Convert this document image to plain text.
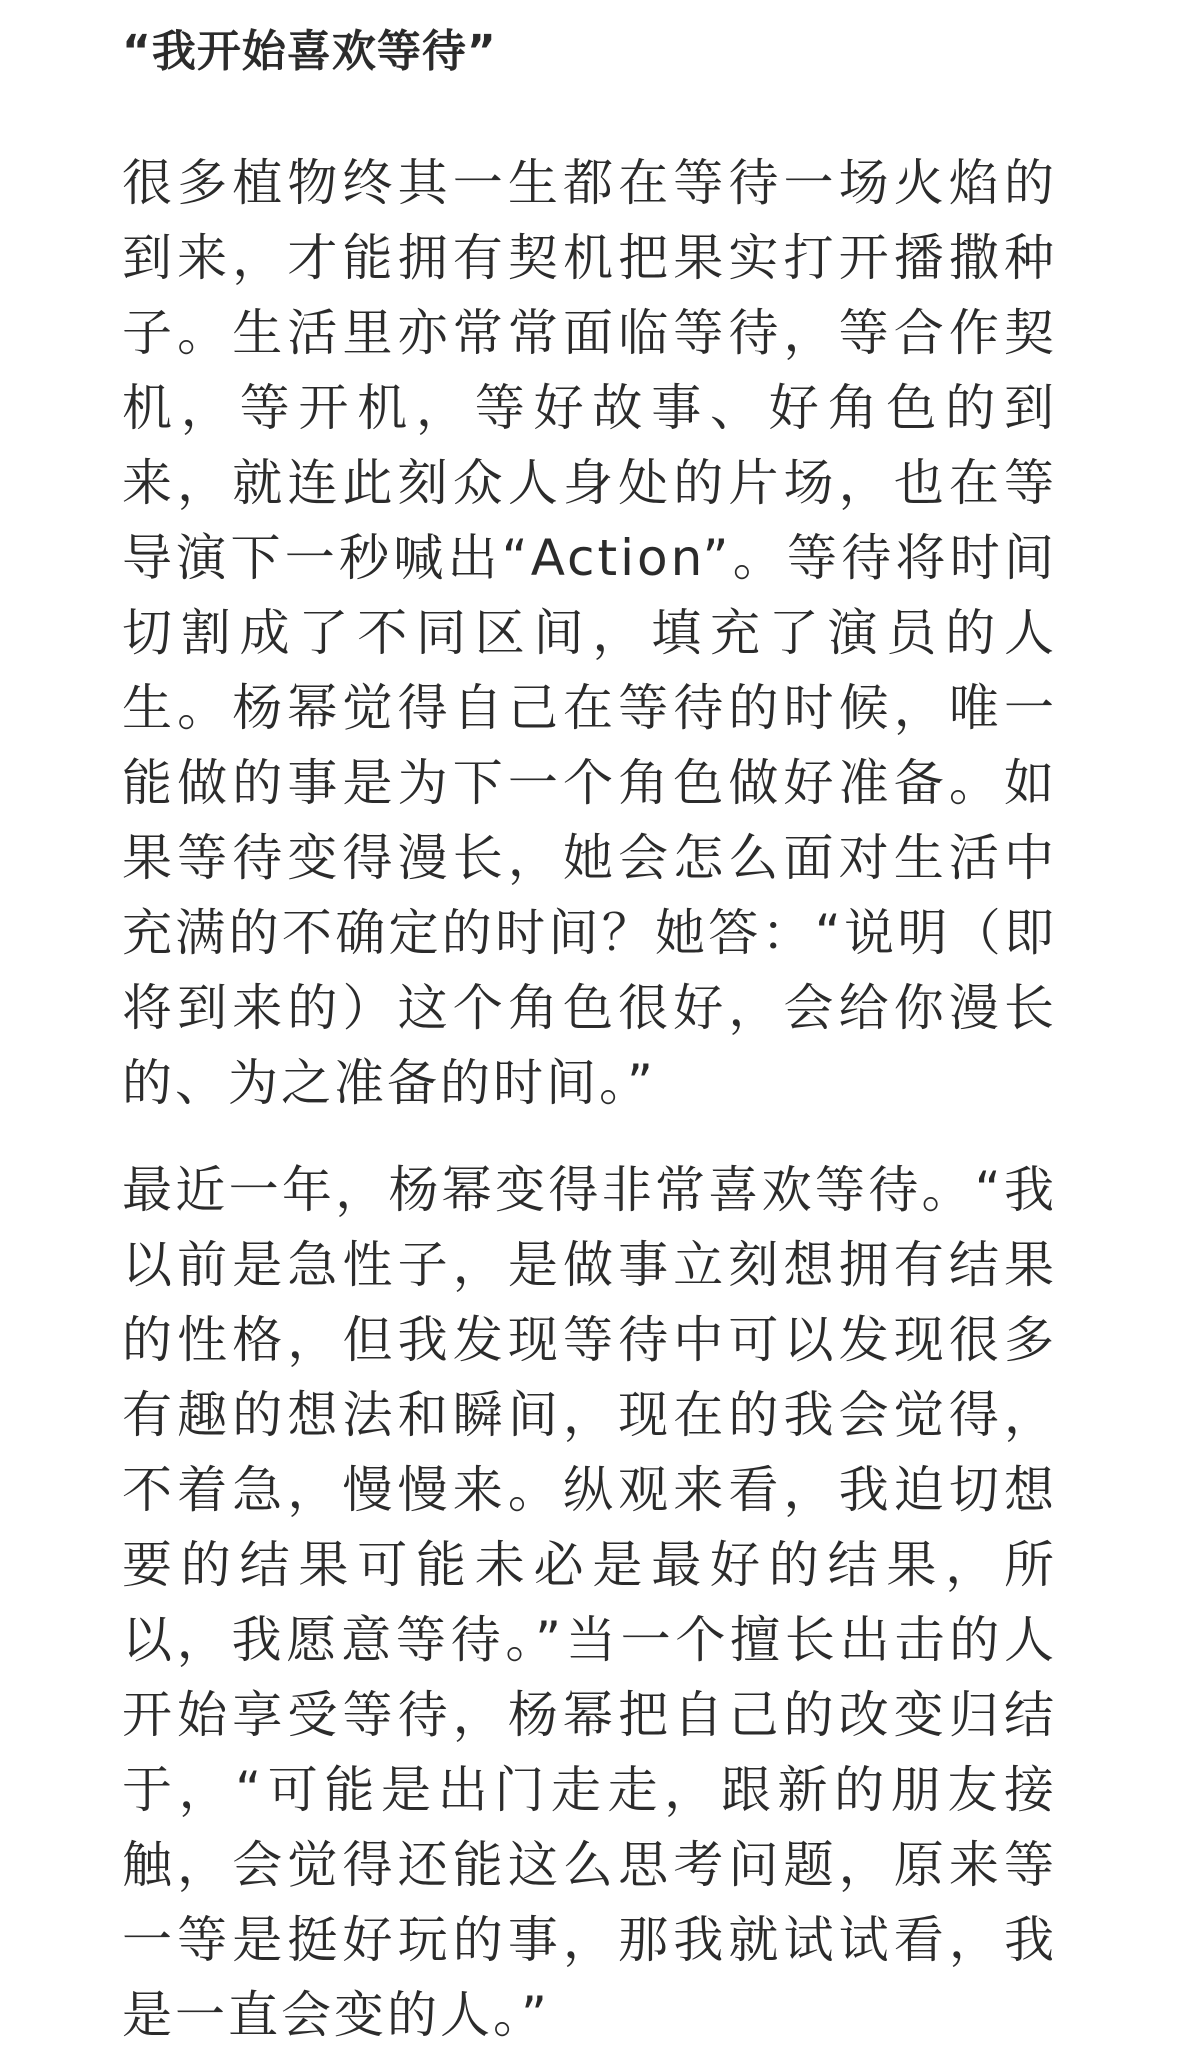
“我开始喜欢等待”

很多植物终其一生都在等待一场火焰的到来，才能拥有契机把果实打开播撒种子。生活里亦常常面临等待，等合作契机，等开机，等好故事、好角色的到来，就连此刻众人身处的片场，也在等导演下一秒喊出“Action”。等待将时间切割成了不同区间，填充了演员的人生。杨幂觉得自己在等待的时候，唯一能做的事是为下一个角色做好准备。如果等待变得漫长，她会怎么面对生活中充满的不确定的时间？她答：“说明（即将到来的）这个角色很好，会给你漫长的、为之准备的时间。”

最近一年，杨幂变得非常喜欢等待。“我以前是急性子，是做事立刻想拥有结果的性格，但我发现等待中可以发现很多有趣的想法和瞬间，现在的我会觉得，不着急，慢慢来。纵观来看，我迫切想要的结果可能未必是最好的结果，所以，我愿意等待。”当一个擅长出击的人开始享受等待，杨幂把自己的改变归结于，“可能是出门走走，跟新的朋友接触，会觉得还能这么思考问题，原来等一等是挺好玩的事，那我就试试看，我是一直会变的人。”
